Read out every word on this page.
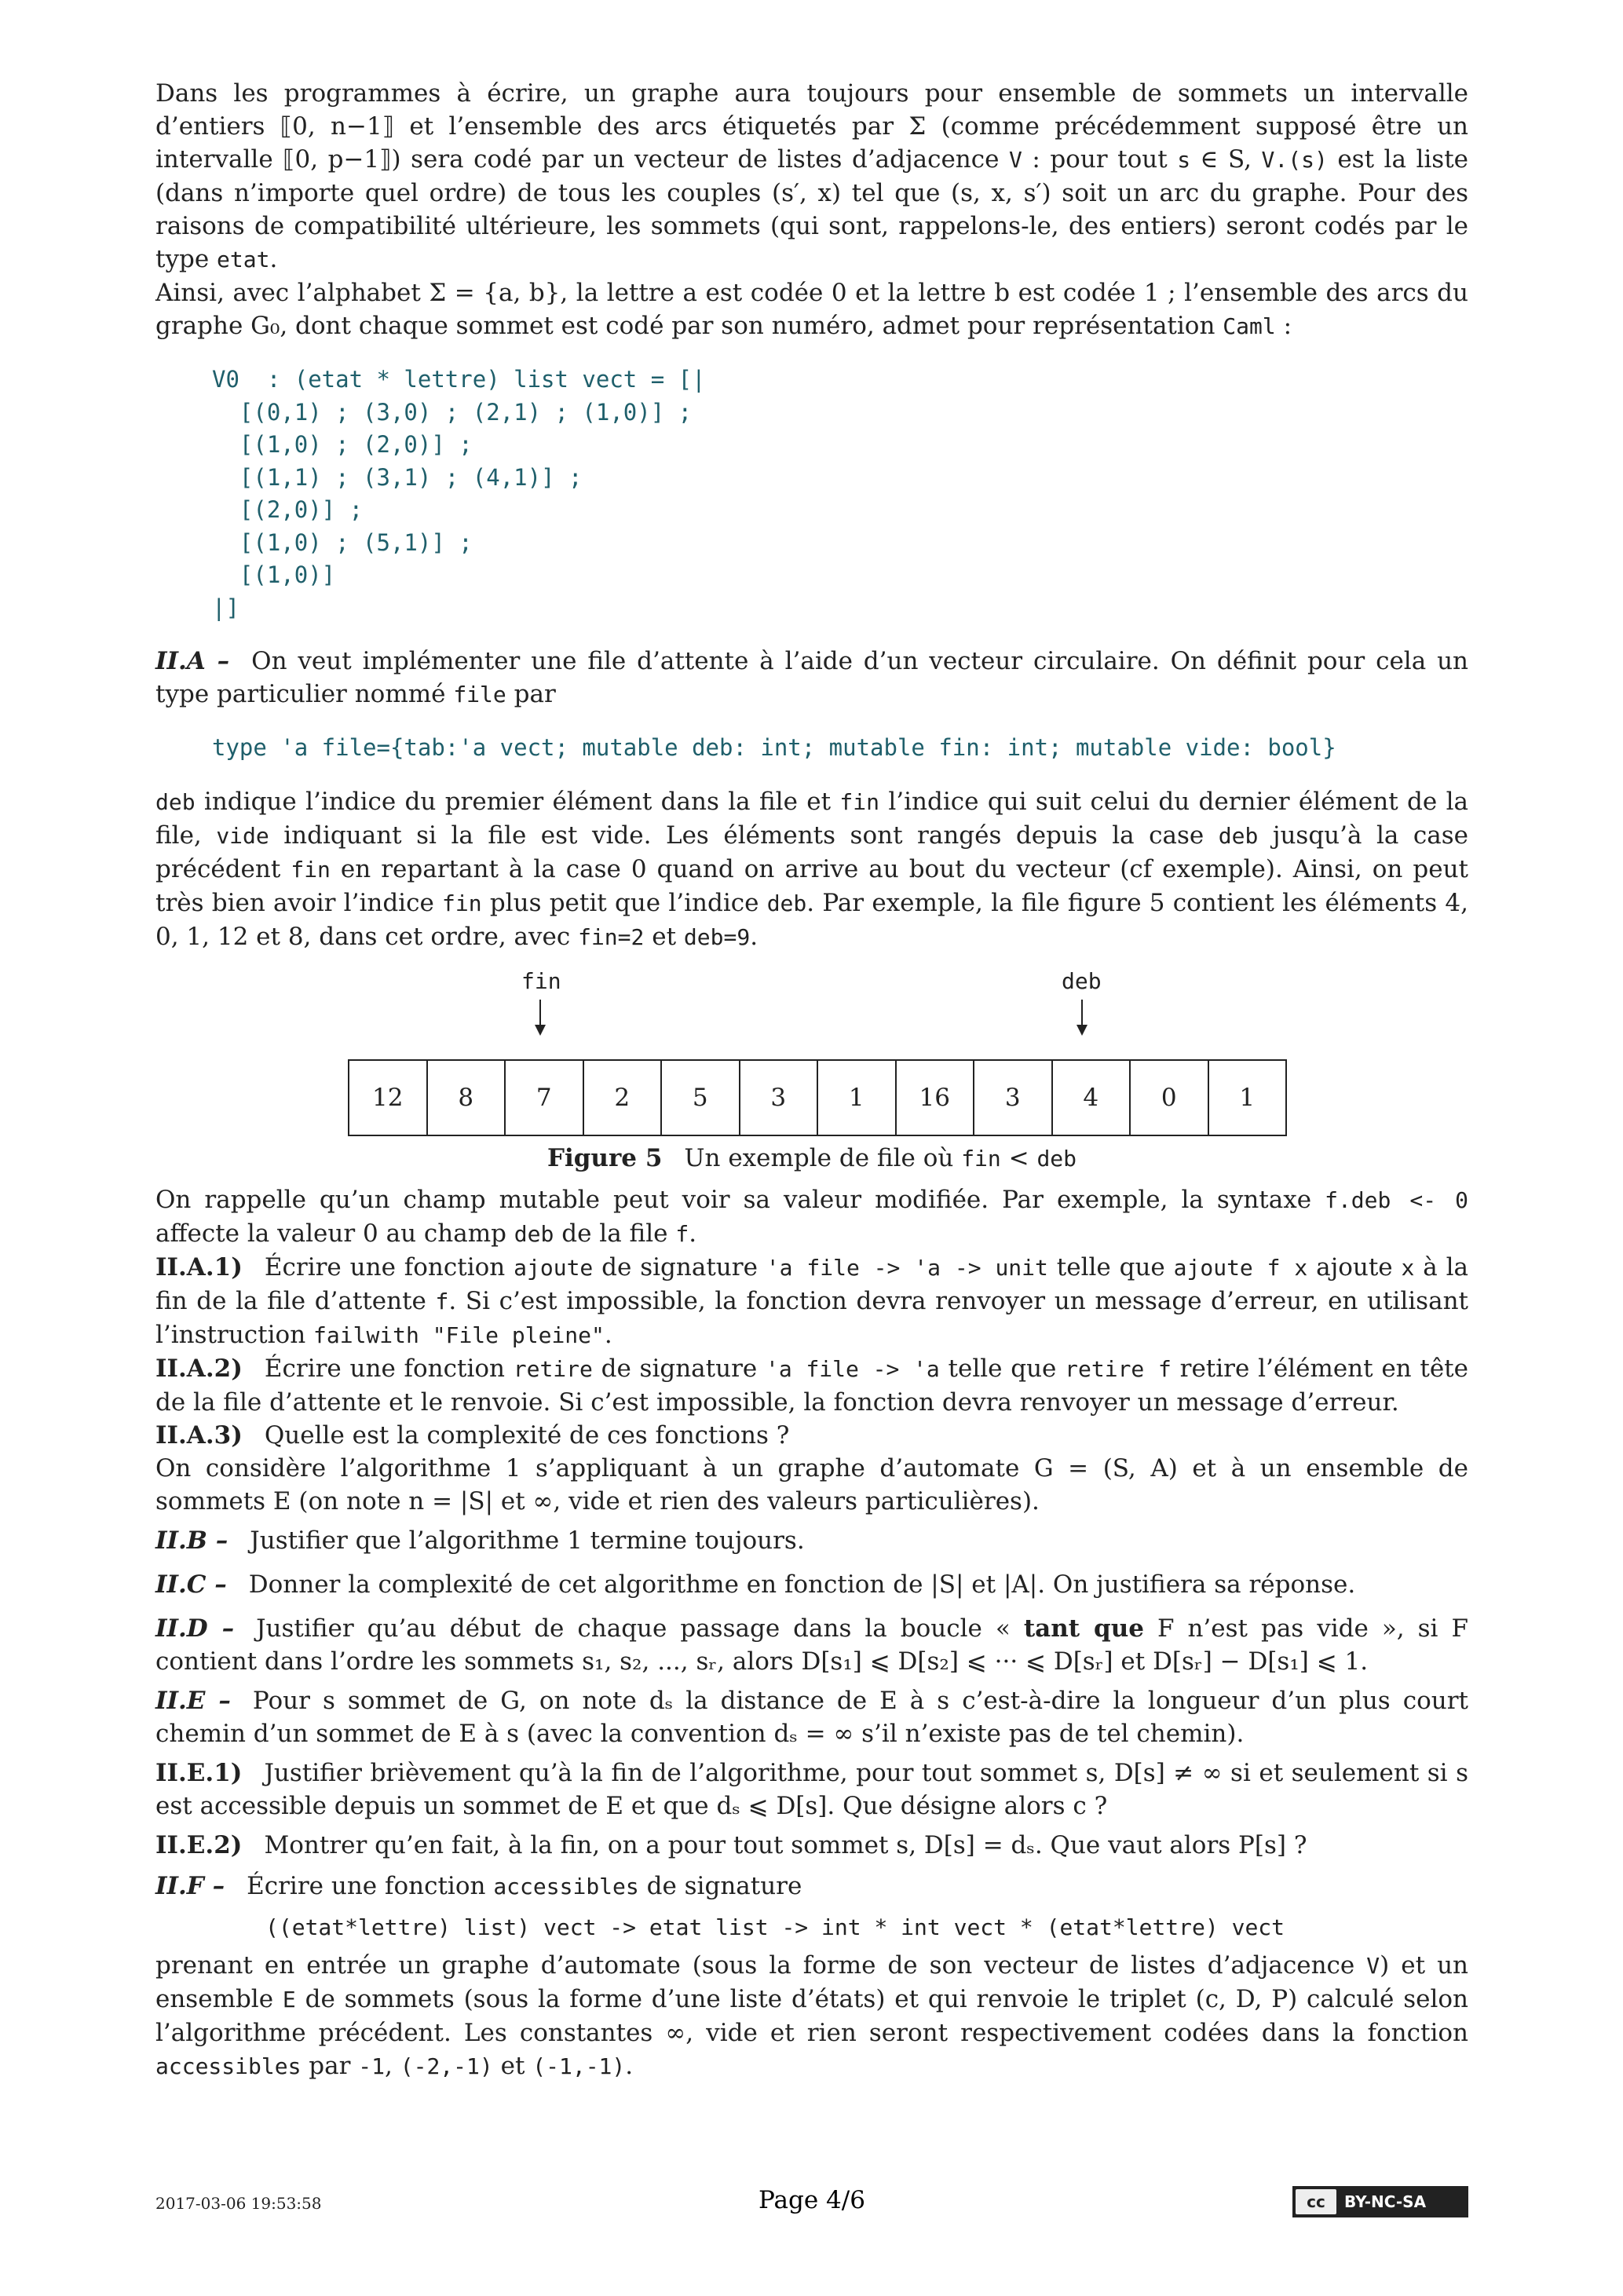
Dans les programmes à écrire, un graphe aura toujours pour ensemble de sommets un intervalle d’entiers ⟦0, n−1⟧ et l’ensemble des arcs étiquetés par Σ (comme précédemment supposé être un intervalle ⟦0, p−1⟧) sera codé par un vecteur de listes d’adjacence V : pour tout s ∈ S, V.(s) est la liste (dans n’importe quel ordre) de tous les couples (s′, x) tel que (s, x, s′) soit un arc du graphe. Pour des raisons de compatibilité ultérieure, les sommets (qui sont, rappelons-le, des entiers) seront codés par le type etat.

Ainsi, avec l’alphabet Σ = {a, b}, la lettre a est codée 0 et la lettre b est codée 1 ; l’ensemble des arcs du graphe G₀, dont chaque sommet est codé par son numéro, admet pour représentation Caml :

V0  : (etat * lettre) list vect = [|
[(0,1) ; (3,0) ; (2,1) ; (1,0)] ;
[(1,0) ; (2,0)] ;
[(1,1) ; (3,1) ; (4,1)] ;
[(2,0)] ;
[(1,0) ; (5,1)] ;
[(1,0)]
|]

II.A – On veut implémenter une file d’attente à l’aide d’un vecteur circulaire. On définit pour cela un type particulier nommé file par

type 'a file={tab:'a vect; mutable deb: int; mutable fin: int; mutable vide: bool}

deb indique l’indice du premier élément dans la file et fin l’indice qui suit celui du dernier élément de la file, vide indiquant si la file est vide. Les éléments sont rangés depuis la case deb jusqu’à la case précédent fin en repartant à la case 0 quand on arrive au bout du vecteur (cf exemple). Ainsi, on peut très bien avoir l’indice fin plus petit que l’indice deb. Par exemple, la file figure 5 contient les éléments 4, 0, 1, 12 et 8, dans cet ordre, avec fin=2 et deb=9.

fin	deb
12	8	7	2	5	3	1	16	3	4	0	1
Figure 5 Un exemple de file où fin < deb

On rappelle qu’un champ mutable peut voir sa valeur modifiée. Par exemple, la syntaxe f.deb <- 0 affecte la valeur 0 au champ deb de la file f.

II.A.1) Écrire une fonction ajoute de signature 'a file -> 'a -> unit telle que ajoute f x ajoute x à la fin de la file d’attente f. Si c’est impossible, la fonction devra renvoyer un message d’erreur, en utilisant l’instruction failwith "File pleine".

II.A.2) Écrire une fonction retire de signature 'a file -> 'a telle que retire f retire l’élément en tête de la file d’attente et le renvoie. Si c’est impossible, la fonction devra renvoyer un message d’erreur.

II.A.3) Quelle est la complexité de ces fonctions ?

On considère l’algorithme 1 s’appliquant à un graphe d’automate G = (S, A) et à un ensemble de sommets E (on note n = |S| et ∞, vide et rien des valeurs particulières).

II.B – Justifier que l’algorithme 1 termine toujours.

II.C – Donner la complexité de cet algorithme en fonction de |S| et |A|. On justifiera sa réponse.

II.D – Justifier qu’au début de chaque passage dans la boucle « tant que F n’est pas vide », si F contient dans l’ordre les sommets s₁, s₂, ..., sᵣ, alors D[s₁] ⩽ D[s₂] ⩽ ··· ⩽ D[sᵣ] et D[sᵣ] − D[s₁] ⩽ 1.

II.E – Pour s sommet de G, on note dₛ la distance de E à s c’est-à-dire la longueur d’un plus court chemin d’un sommet de E à s (avec la convention dₛ = ∞ s’il n’existe pas de tel chemin).

II.E.1) Justifier brièvement qu’à la fin de l’algorithme, pour tout sommet s, D[s] ≠ ∞ si et seulement si s est accessible depuis un sommet de E et que dₛ ⩽ D[s]. Que désigne alors c ?

II.E.2) Montrer qu’en fait, à la fin, on a pour tout sommet s, D[s] = dₛ. Que vaut alors P[s] ?

II.F – Écrire une fonction accessibles de signature

((etat*lettre) list) vect -> etat list -> int * int vect * (etat*lettre) vect

prenant en entrée un graphe d’automate (sous la forme de son vecteur de listes d’adjacence V) et un ensemble E de sommets (sous la forme d’une liste d’états) et qui renvoie le triplet (c, D, P) calculé selon l’algorithme précédent. Les constantes ∞, vide et rien seront respectivement codées dans la fonction accessibles par -1, (-2,-1) et (-1,-1).

2017-03-06 19:53:58	Page 4/6	cc	BY-NC-SA
